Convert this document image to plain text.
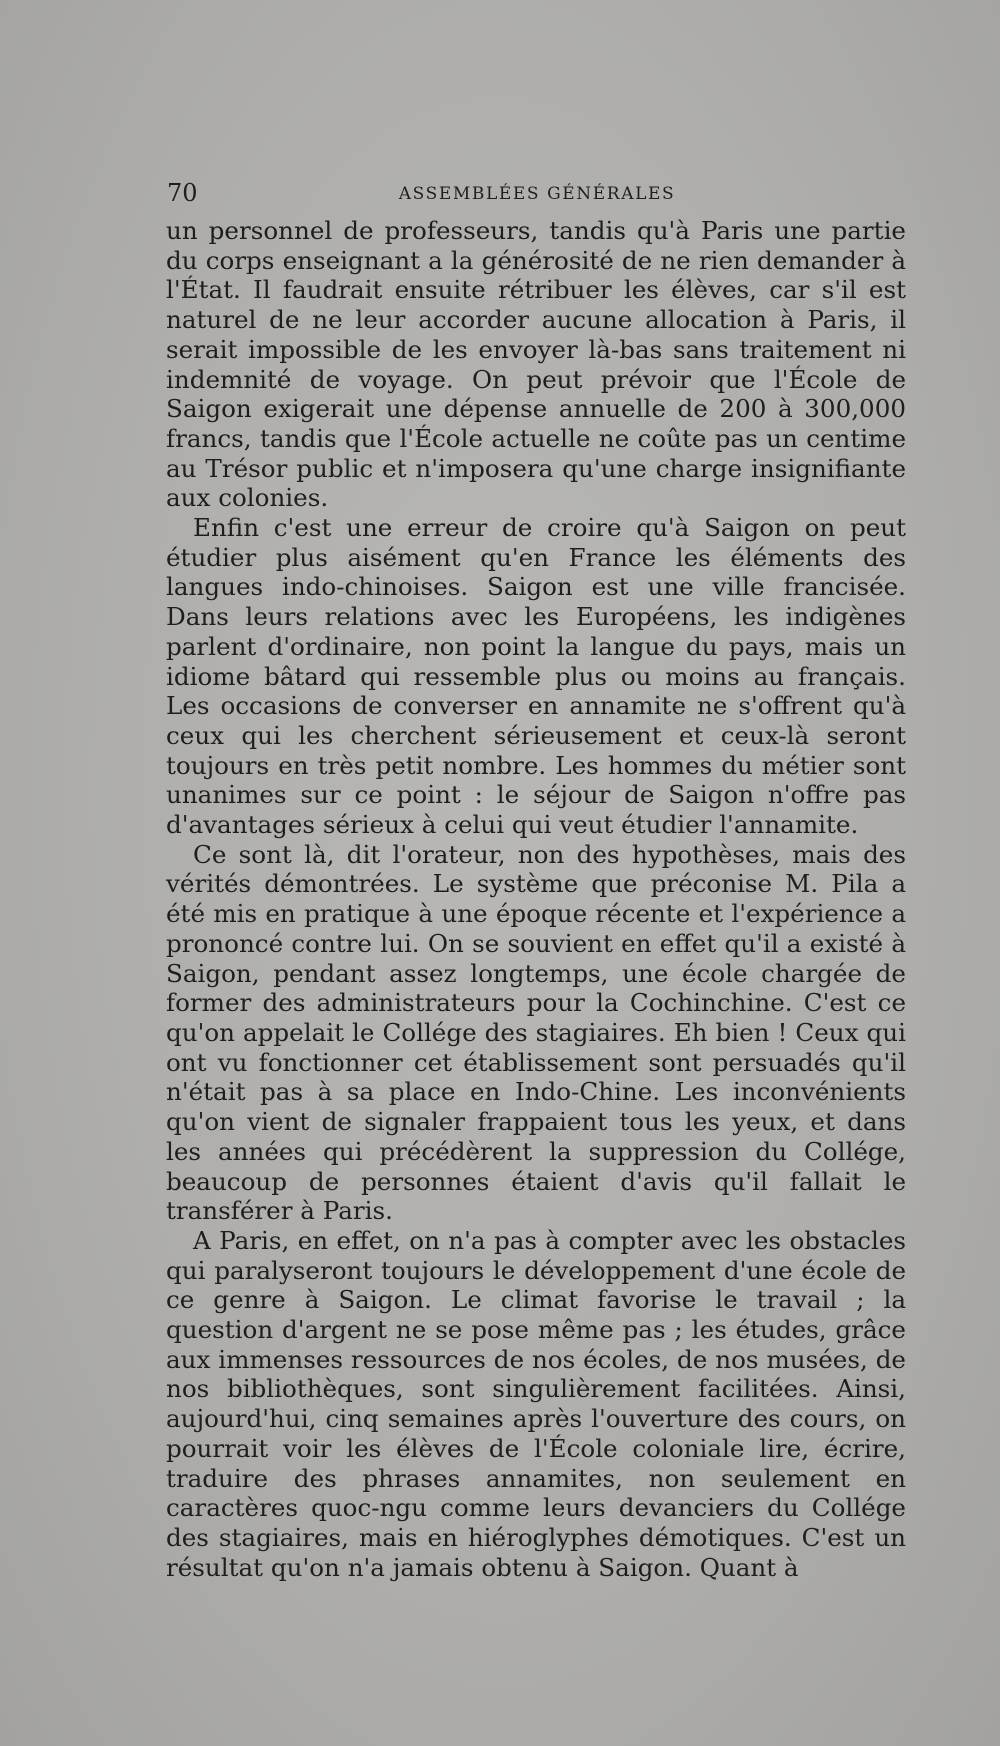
70	ASSEMBLÉES GÉNÉRALES

un personnel de professeurs, tandis qu'à Paris une partie du corps enseignant a la générosité de ne rien demander à l'État. Il faudrait ensuite rétribuer les élèves, car s'il est naturel de ne leur accorder aucune allocation à Paris, il serait impossible de les envoyer là-bas sans traitement ni indemnité de voyage. On peut prévoir que l'École de Saigon exigerait une dépense annuelle de 200 à 300,000 francs, tandis que l'École actuelle ne coûte pas un centime au Trésor public et n'imposera qu'une charge insignifiante aux colonies.

Enfin c'est une erreur de croire qu'à Saigon on peut étudier plus aisément qu'en France les éléments des langues indo-chinoises. Saigon est une ville francisée. Dans leurs relations avec les Européens, les indigènes parlent d'ordinaire, non point la langue du pays, mais un idiome bâtard qui ressemble plus ou moins au français. Les occasions de converser en annamite ne s'offrent qu'à ceux qui les cherchent sérieusement et ceux-là seront toujours en très petit nombre. Les hommes du métier sont unanimes sur ce point : le séjour de Saigon n'offre pas d'avantages sérieux à celui qui veut étudier l'annamite.

Ce sont là, dit l'orateur, non des hypothèses, mais des vérités démontrées. Le système que préconise M. Pila a été mis en pratique à une époque récente et l'expérience a prononcé contre lui. On se souvient en effet qu'il a existé à Saigon, pendant assez longtemps, une école chargée de former des administrateurs pour la Cochinchine. C'est ce qu'on appelait le Collége des stagiaires. Eh bien ! Ceux qui ont vu fonctionner cet établissement sont persuadés qu'il n'était pas à sa place en Indo-Chine. Les inconvénients qu'on vient de signaler frappaient tous les yeux, et dans les années qui précédèrent la suppression du Collége, beaucoup de personnes étaient d'avis qu'il fallait le transférer à Paris.

A Paris, en effet, on n'a pas à compter avec les obstacles qui paralyseront toujours le développement d'une école de ce genre à Saigon. Le climat favorise le travail ; la question d'argent ne se pose même pas ; les études, grâce aux immenses ressources de nos écoles, de nos musées, de nos bibliothèques, sont singulièrement facilitées. Ainsi, aujourd'hui, cinq semaines après l'ouverture des cours, on pourrait voir les élèves de l'École coloniale lire, écrire, traduire des phrases annamites, non seulement en caractères quoc-ngu comme leurs devanciers du Collége des stagiaires, mais en hiéroglyphes démotiques. C'est un résultat qu'on n'a jamais obtenu à Saigon. Quant à
